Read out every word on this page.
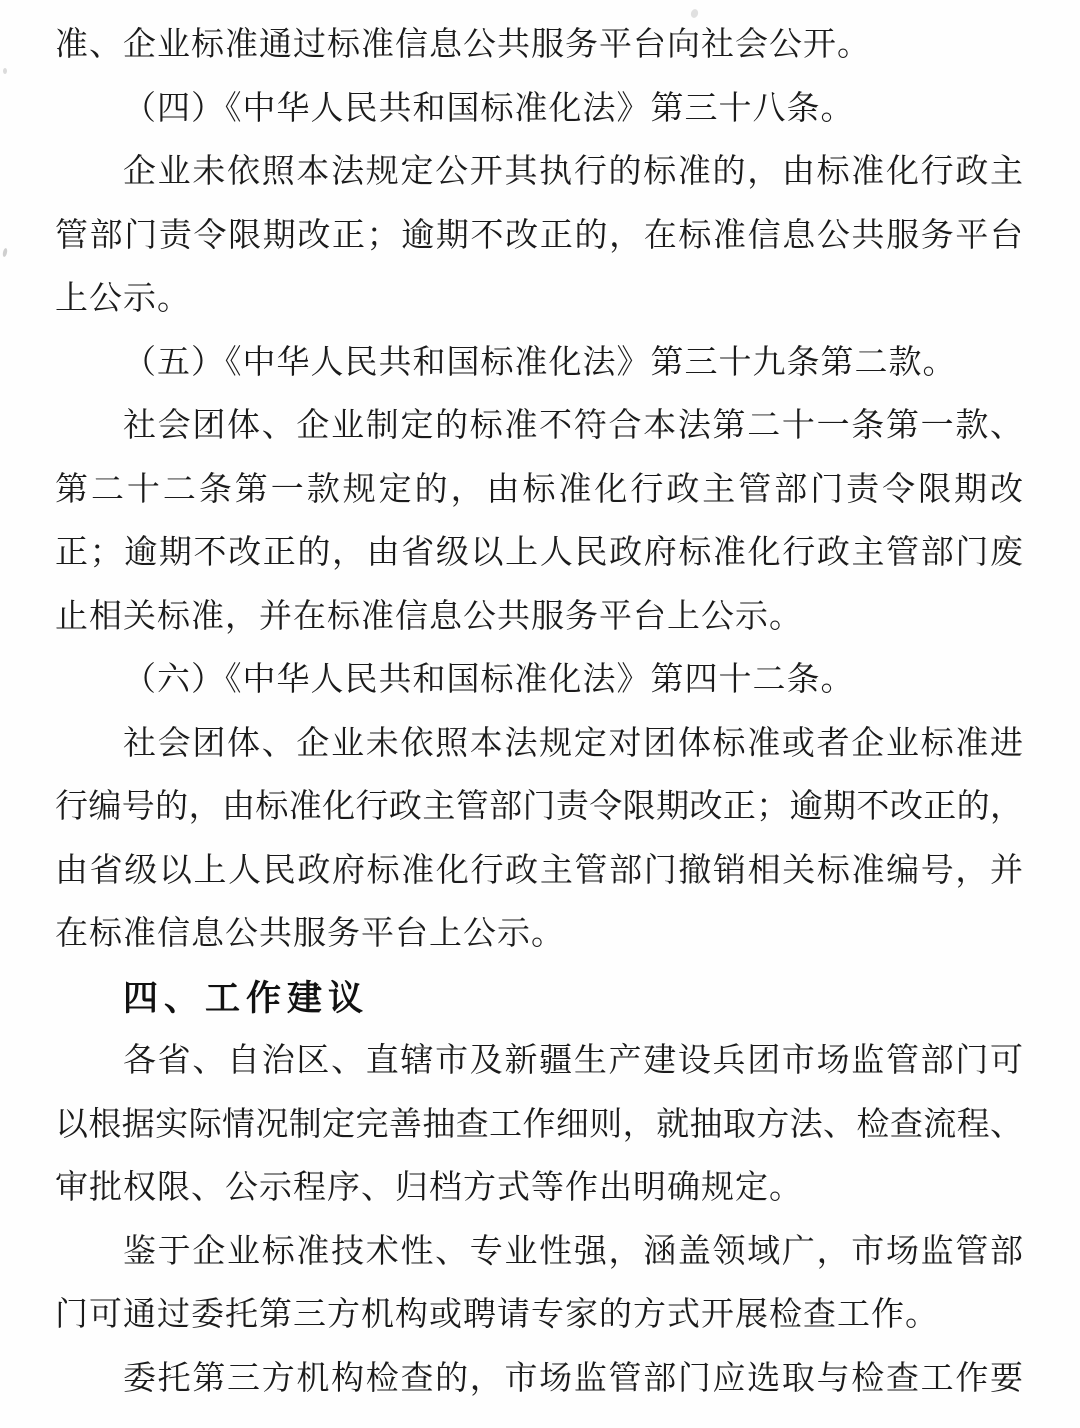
准、企业标准通过标准信息公共服务平台向社会公开。
（四）《中华人民共和国标准化法》第三十八条。
企业未依照本法规定公开其执行的标准的，由标准化行政主
管部门责令限期改正；逾期不改正的，在标准信息公共服务平台
上公示。
（五）《中华人民共和国标准化法》第三十九条第二款。
社会团体、企业制定的标准不符合本法第二十一条第一款、
第二十二条第一款规定的，由标准化行政主管部门责令限期改
正；逾期不改正的，由省级以上人民政府标准化行政主管部门废
止相关标准，并在标准信息公共服务平台上公示。
（六）《中华人民共和国标准化法》第四十二条。
社会团体、企业未依照本法规定对团体标准或者企业标准进
行编号的，由标准化行政主管部门责令限期改正；逾期不改正的，
由省级以上人民政府标准化行政主管部门撤销相关标准编号，并
在标准信息公共服务平台上公示。
四、工作建议
各省、自治区、直辖市及新疆生产建设兵团市场监管部门可
以根据实际情况制定完善抽查工作细则，就抽取方法、检查流程、
审批权限、公示程序、归档方式等作出明确规定。
鉴于企业标准技术性、专业性强，涵盖领域广，市场监管部
门可通过委托第三方机构或聘请专家的方式开展检查工作。
委托第三方机构检查的，市场监管部门应选取与检查工作要
